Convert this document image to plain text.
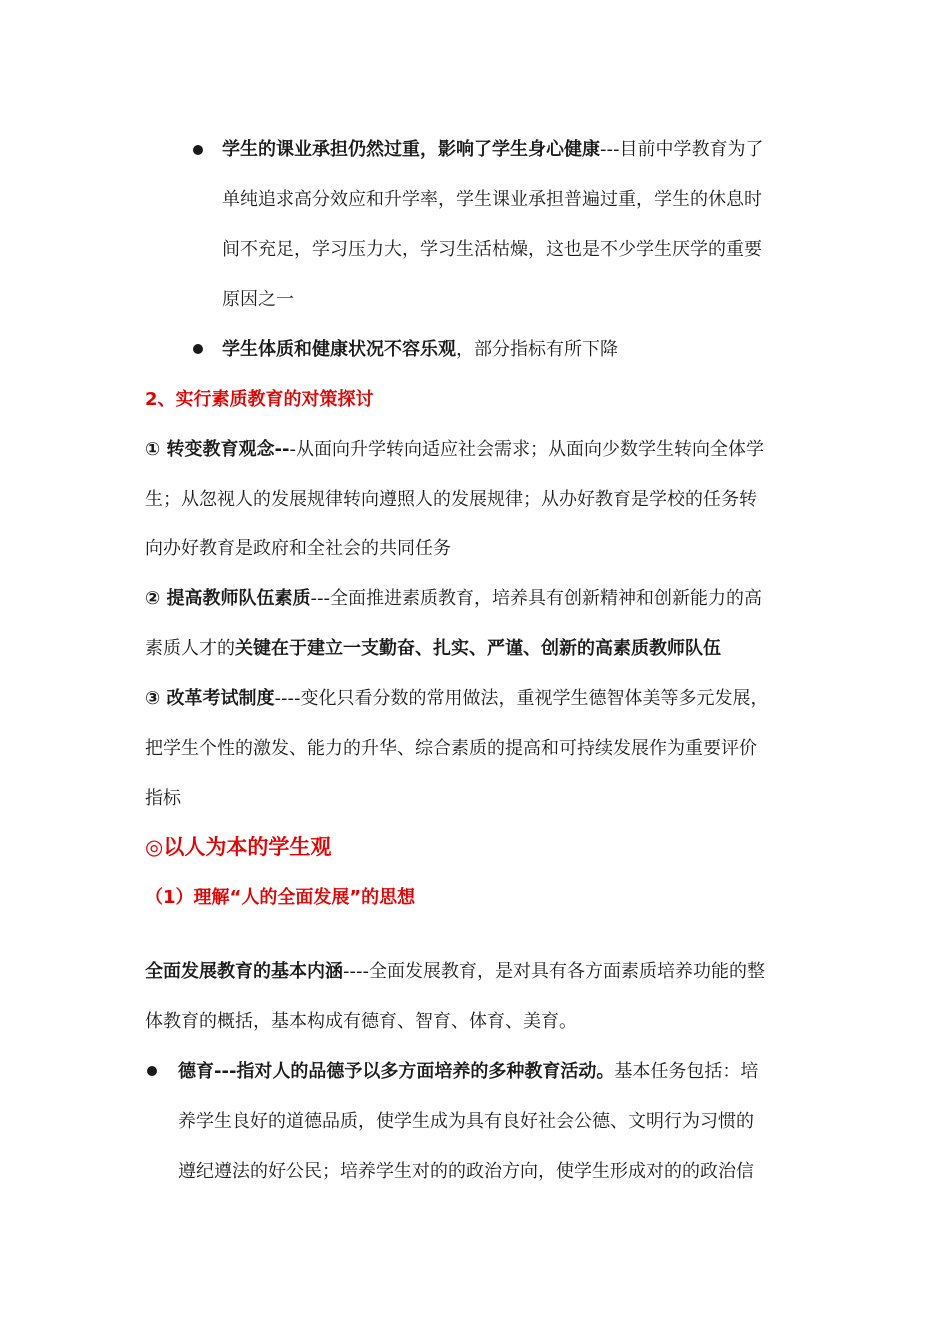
学生的课业承担仍然过重，影响了学生身心健康---目前中学教育为了
单纯追求高分效应和升学率，学生课业承担普遍过重，学生的休息时
间不充足，学习压力大，学习生活枯燥，这也是不少学生厌学的重要
原因之一
学生体质和健康状况不容乐观，部分指标有所下降
2、实行素质教育的对策探讨
① 转变教育观念---从面向升学转向适应社会需求；从面向少数学生转向全体学
生；从忽视人的发展规律转向遵照人的发展规律；从办好教育是学校的任务转
向办好教育是政府和全社会的共同任务
② 提高教师队伍素质---全面推进素质教育，培养具有创新精神和创新能力的高
素质人才的关键在于建立一支勤奋、扎实、严谨、创新的高素质教师队伍
③ 改革考试制度----变化只看分数的常用做法，重视学生德智体美等多元发展，
把学生个性的激发、能力的升华、综合素质的提高和可持续发展作为重要评价
指标
◎以人为本的学生观
（1）理解“人的全面发展”的思想
全面发展教育的基本内涵----全面发展教育，是对具有各方面素质培养功能的整
体教育的概括，基本构成有德育、智育、体育、美育。
德育---指对人的品德予以多方面培养的多种教育活动。基本任务包括：培
养学生良好的道德品质，使学生成为具有良好社会公德、文明行为习惯的
遵纪遵法的好公民；培养学生对的的政治方向，使学生形成对的的政治信
